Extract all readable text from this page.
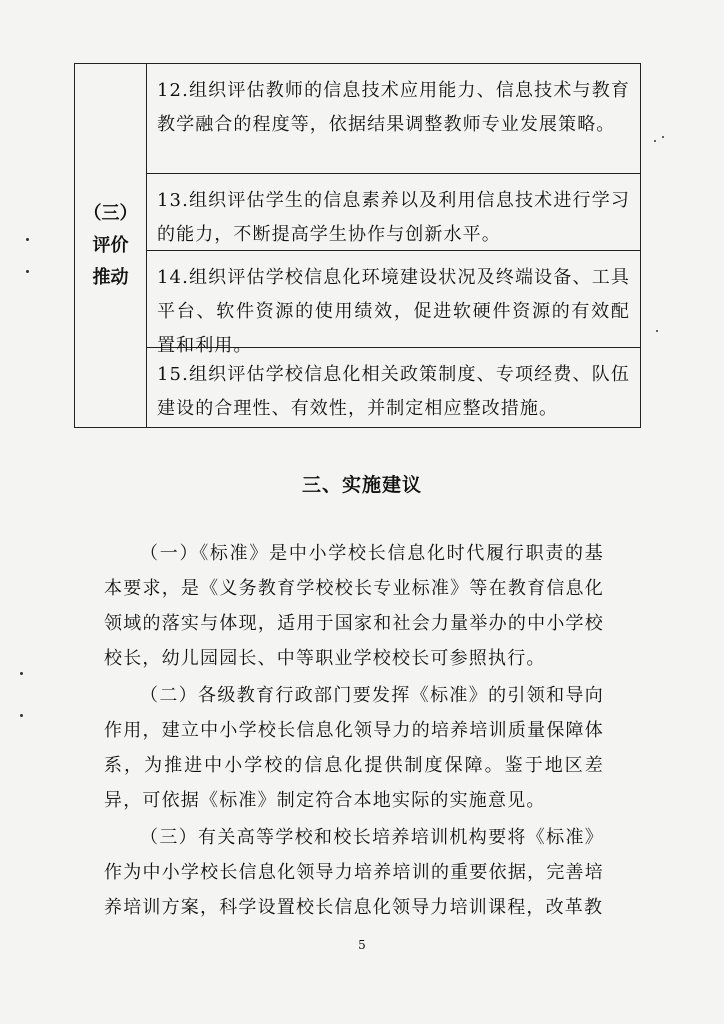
（三）
评价
推动
12.组织评估教师的信息技术应用能力、信息技术与教育教学融合的程度等，依据结果调整教师专业发展策略。
13.组织评估学生的信息素养以及利用信息技术进行学习的能力，不断提高学生协作与创新水平。
14.组织评估学校信息化环境建设状况及终端设备、工具平台、软件资源的使用绩效，促进软硬件资源的有效配置和利用。
15.组织评估学校信息化相关政策制度、专项经费、队伍建设的合理性、有效性，并制定相应整改措施。
三、实施建议

（一）《标准》是中小学校长信息化时代履行职责的基本要求，是《义务教育学校校长专业标准》等在教育信息化领域的落实与体现，适用于国家和社会力量举办的中小学校校长，幼儿园园长、中等职业学校校长可参照执行。

（二）各级教育行政部门要发挥《标准》的引领和导向作用，建立中小学校长信息化领导力的培养培训质量保障体系，为推进中小学校的信息化提供制度保障。鉴于地区差异，可依据《标准》制定符合本地实际的实施意见。

（三）有关高等学校和校长培养培训机构要将《标准》作为中小学校长信息化领导力培养培训的重要依据，完善培养培训方案，科学设置校长信息化领导力培训课程，改革教

5
